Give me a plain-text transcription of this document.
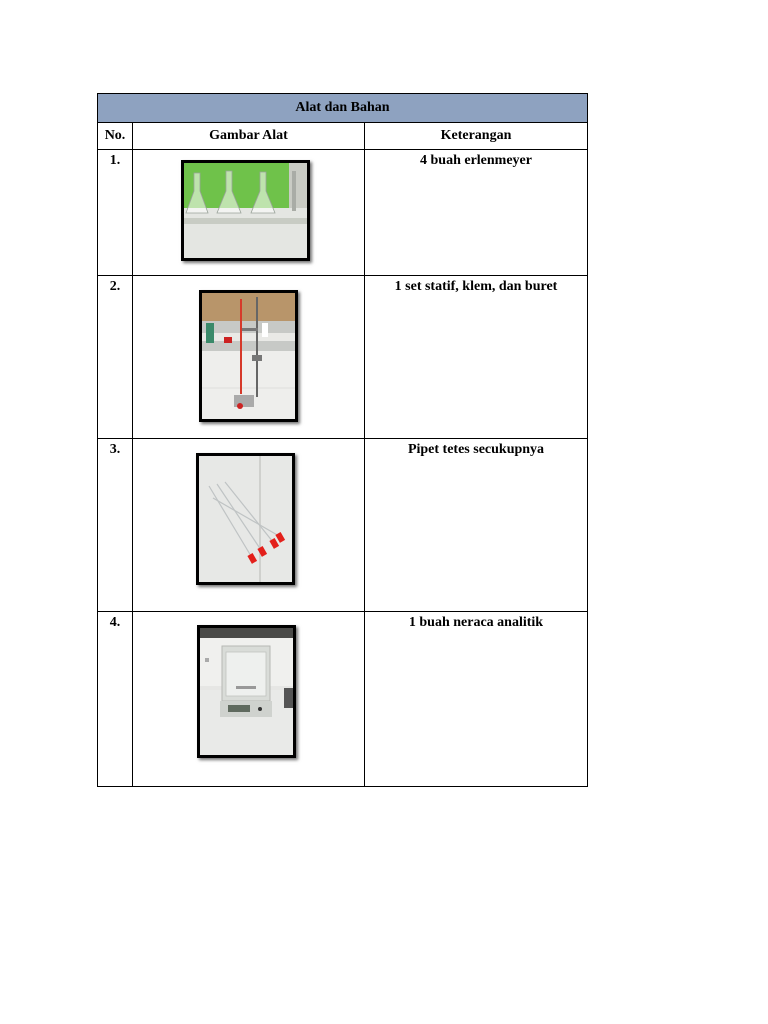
Alat dan Bahan		
No.	Gambar Alat	Keterangan
1.		4 buah erlenmeyer
2.		1 set statif, klem, dan buret
3.		Pipet tetes secukupnya
4.		1 buah neraca analitik
